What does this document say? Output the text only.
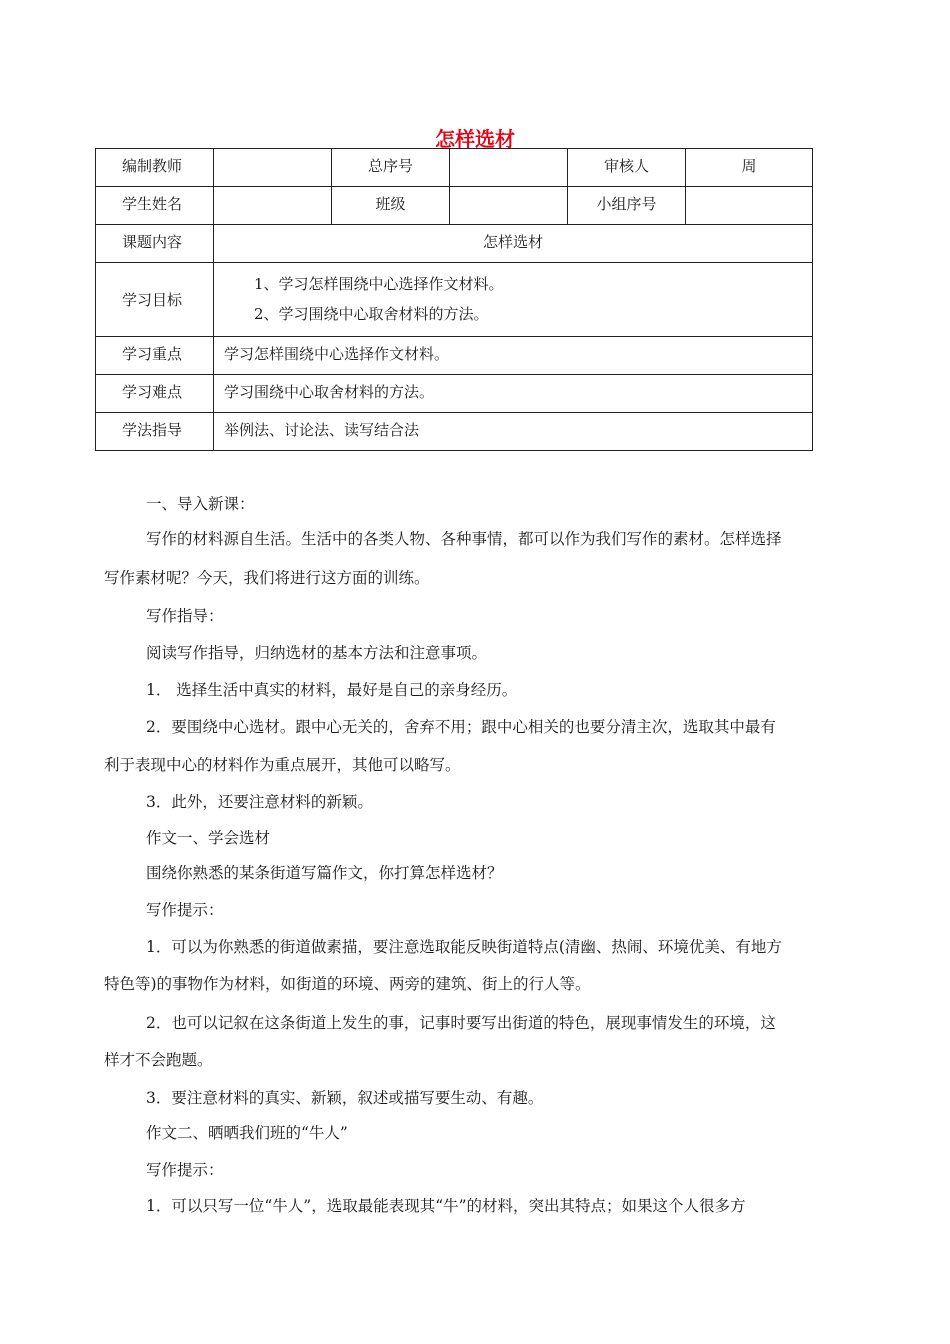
怎样选材
编制教师		总序号		审核人	周
学生姓名		班级		小组序号	
课题内容	怎样选材				
学习目标	1、学习怎样围绕中心选择作文材料。
2、学习围绕中心取舍材料的方法。				

学习重点	学习怎样围绕中心选择作文材料。				
学习难点	学习围绕中心取舍材料的方法。				
学法指导	举例法、讨论法、读写结合法				

一、导入新课：

写作的材料源自生活。生活中的各类人物、各种事情，都可以作为我们写作的素材。怎样选择

写作素材呢？今天，我们将进行这方面的训练。

写作指导：

阅读写作指导，归纳选材的基本方法和注意事项。

1． 选择生活中真实的材料，最好是自己的亲身经历。

2．要围绕中心选材。跟中心无关的，舍弃不用；跟中心相关的也要分清主次，选取其中最有

利于表现中心的材料作为重点展开，其他可以略写。

3．此外，还要注意材料的新颖。

作文一、学会选材

围绕你熟悉的某条街道写篇作文，你打算怎样选材？

写作提示：

1．可以为你熟悉的街道做素描，要注意选取能反映街道特点(清幽、热闹、环境优美、有地方

特色等)的事物作为材料，如街道的环境、两旁的建筑、街上的行人等。

2．也可以记叙在这条街道上发生的事，记事时要写出街道的特色，展现事情发生的环境，这

样才不会跑题。

3．要注意材料的真实、新颖，叙述或描写要生动、有趣。

作文二、晒晒我们班的“牛人”

写作提示：

1．可以只写一位“牛人”，选取最能表现其“牛”的材料，突出其特点；如果这个人很多方
